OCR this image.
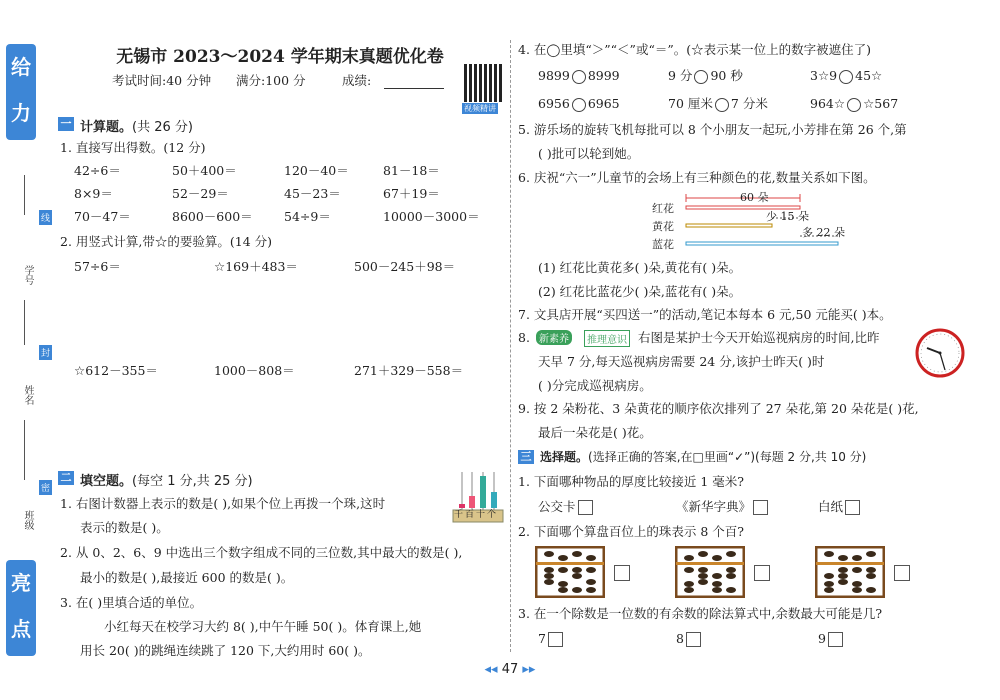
给力
亮点
线
学号
封
姓名
密
班级
无锡市 2023～2024 学年期末真题优化卷
考试时间:40 分钟 满分:100 分	成绩:
视频精讲
一 计算题。(共 26 分)
1. 直接写出得数。(12 分)
42÷6＝	50＋400＝	120－40＝	81－18＝
8×9＝	52－29＝	45－23＝	67＋19＝
70－47＝	8600－600＝	54÷9＝	10000－3000＝
2. 用竖式计算,带☆的要验算。(14 分)
57÷6＝	☆169＋483＝	500－245＋98＝
☆612－355＝	1000－808＝	271＋329－558＝
二 填空题。(每空 1 分,共 25 分)
千百十个
1. 右图计数器上表示的数是( ),如果个位上再拨一个珠,这时
表示的数是( )。
2. 从 0、2、6、9 中选出三个数字组成不同的三位数,其中最大的数是( ),
最小的数是( ),最接近 600 的数是( )。
3. 在( )里填合适的单位。
小红每天在校学习大约 8( ),中午午睡 50( )。体育课上,她
用长 20( )的跳绳连续跳了 120 下,大约用时 60( )。
4. 在◯里填“＞”“＜”或“＝”。(☆表示某一位上的数字被遮住了)
9899 8999	9 分 90 秒	3☆9 45☆
6956 6965	70 厘米 7 分米	964☆ ☆567
5. 游乐场的旋转飞机每批可以 8 个小朋友一起玩,小芳排在第 26 个,第
( )批可以轮到她。
6. 庆祝“六一”儿童节的会场上有三种颜色的花,数量关系如下图。
红花
黄花
蓝花
60 朵
少 15 朵
多 22 朵
(1) 红花比黄花多( )朵,黄花有( )朵。
(2) 红花比蓝花少( )朵,蓝花有( )朵。
7. 文具店开展“买四送一”的活动,笔记本每本 6 元,50 元能买( )本。
8. 新素养	推理意识 右图是某护士今天开始巡视病房的时间,比昨
天早 7 分,每天巡视病房需要 24 分,该护士昨天( )时
( )分完成巡视病房。
9. 按 2 朵粉花、3 朵黄花的顺序依次排列了 27 朵花,第 20 朵花是( )花,
最后一朵花是( )花。
三 选择题。(选择正确的答案,在□里画“✓”)(每题 2 分,共 10 分)
1. 下面哪种物品的厚度比较接近 1 毫米?
公交卡	《新华字典》	白纸
2. 下面哪个算盘百位上的珠表示 8 个百?
3. 在一个除数是一位数的有余数的除法算式中,余数最大可能是几?
7	8	9
◂◂ 47 ▸▸
